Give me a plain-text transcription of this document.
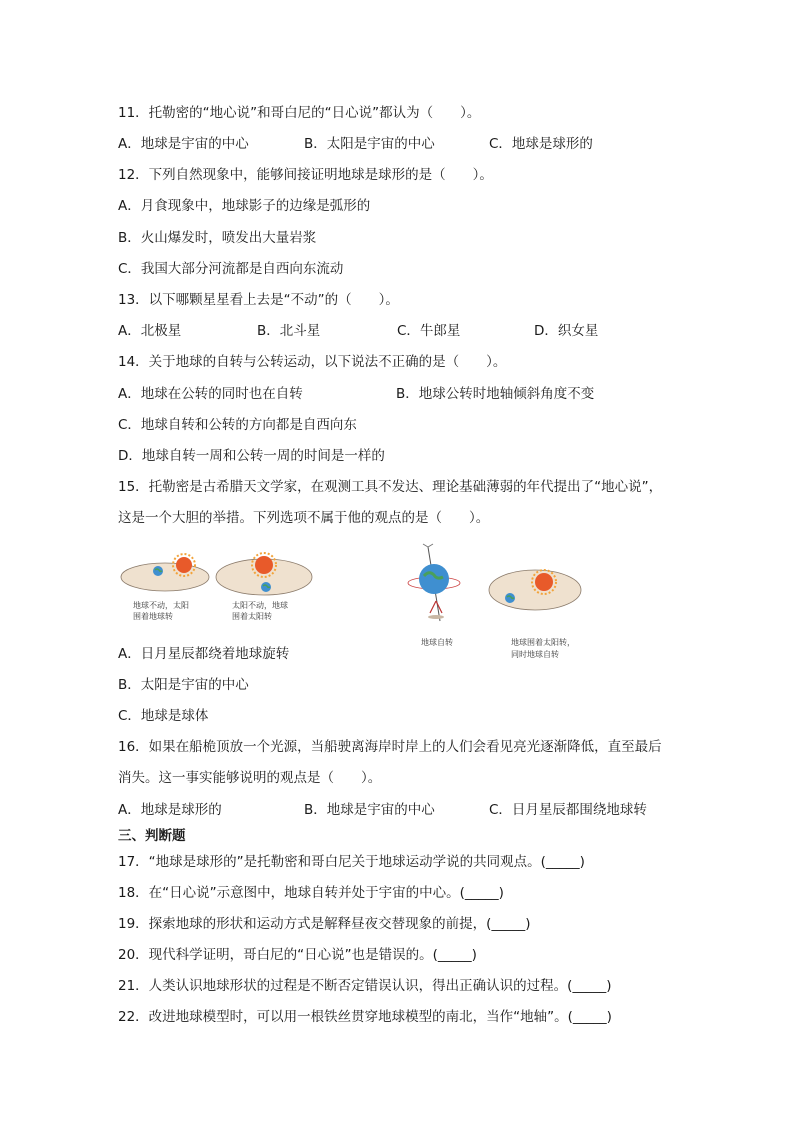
11．托勒密的“地心说”和哥白尼的“日心说”都认为（　　）。
A．地球是宇宙的中心	B．太阳是宇宙的中心	C．地球是球形的
12．下列自然现象中，能够间接证明地球是球形的是（　　）。
A．月食现象中，地球影子的边缘是弧形的
B．火山爆发时，喷发出大量岩浆
C．我国大部分河流都是自西向东流动
13．以下哪颗星星看上去是“不动”的（　　）。
A．北极星	B．北斗星	C．牛郎星	D．织女星
14．关于地球的自转与公转运动，以下说法不正确的是（　　）。
A．地球在公转的同时也在自转	B．地球公转时地轴倾斜角度不变
C．地球自转和公转的方向都是自西向东
D．地球自转一周和公转一周的时间是一样的
15．托勒密是古希腊天文学家，在观测工具不发达、理论基础薄弱的年代提出了“地心说”，
这是一个大胆的举措。下列选项不属于他的观点的是（　　）。
地球不动，太阳
围着地球转
太阳不动，地球
围着太阳转
地球自转	地球围着太阳转，
同时地球自转
A．日月星辰都绕着地球旋转
B．太阳是宇宙的中心
C．地球是球体
16．如果在船桅顶放一个光源，当船驶离海岸时岸上的人们会看见亮光逐渐降低，直至最后
消失。这一事实能够说明的观点是（　　）。
A．地球是球形的	B．地球是宇宙的中心	C．日月星辰都围绕地球转
三、判断题
17．“地球是球形的”是托勒密和哥白尼关于地球运动学说的共同观点。(_____)
18．在“日心说”示意图中，地球自转并处于宇宙的中心。(_____)
19．探索地球的形状和运动方式是解释昼夜交替现象的前提，(_____)
20．现代科学证明，哥白尼的“日心说”也是错误的。(_____)
21．人类认识地球形状的过程是不断否定错误认识，得出正确认识的过程。(_____)
22．改进地球模型时，可以用一根铁丝贯穿地球模型的南北，当作“地轴”。(_____)
